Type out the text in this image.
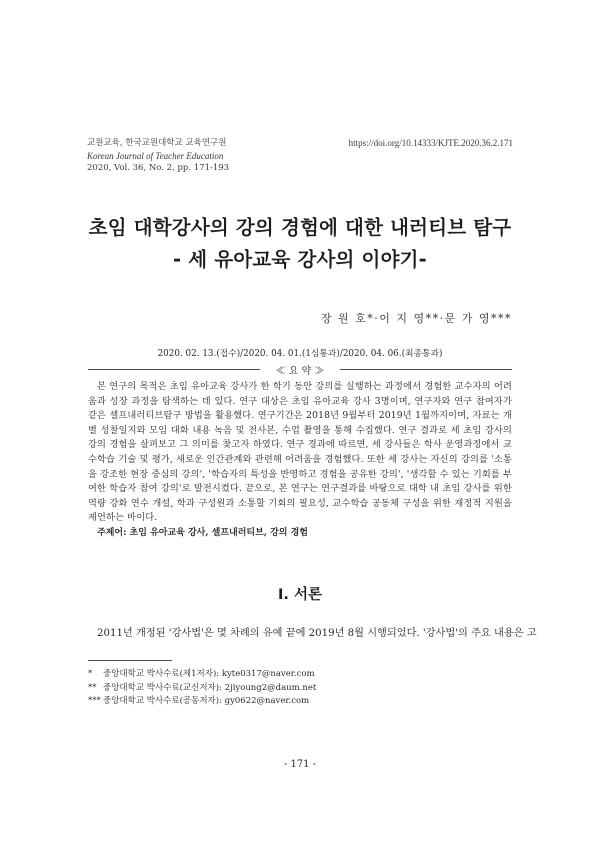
교원교육, 한국교원대학교 교육연구원
Korean Journal of Teacher Education
2020, Vol. 36, No. 2, pp. 171-193
https://doi.org/10.14333/KJTE.2020.36.2.171
초임 대학강사의 강의 경험에 대한 내러티브 탐구
- 세 유아교육 강사의 이야기-
장 원 호*·이 지 영**·문 가 영***
2020. 02. 13.(접수)/2020. 04. 01.(1심통과)/2020. 04. 06.(최종통과)
≪ 요 약 ≫
본 연구의 목적은 초임 유아교육 강사가 한 학기 동안 강의를 실행하는 과정에서 경험한 교수자의 어려움과 성장 과정을 탐색하는 데 있다. 연구 대상은 초임 유아교육 강사 3명이며, 연구자와 연구 참여자가 같은 셀프내러티브탐구 방법을 활용했다. 연구기간은 2018년 9월부터 2019년 1월까지이며, 자료는 개별 성찰일지와 모임 대화 내용 녹음 및 전사본, 수업 촬영을 통해 수집했다. 연구 결과로 세 초임 강사의 강의 경험을 살펴보고 그 의미를 찾고자 하였다. 연구 경과에 따르면, 세 강사들은 학사 운영과정에서 교수학습 기술 및 평가, 새로운 인간관계와 관련해 어려움을 경험했다. 또한 세 강사는 자신의 강의를 '소통을 강조한 현장 중심의 강의', '학습자의 특성을 반영하고 경험을 공유한 강의', '생각할 수 있는 기회를 부여한 학습자 참여 강의'로 발전시켰다. 끝으로, 본 연구는 연구결과를 바탕으로 대학 내 초임 강사를 위한 역량 강화 연수 개설, 학과 구성원과 소통할 기회의 필요성, 교수학습 공동체 구성을 위한 재정적 지원을 제언하는 바이다.
주제어: 초임 유아교육 강사, 셀프내러티브, 강의 경험
Ⅰ. 서론
2011년 개정된 '강사법'은 몇 차례의 유예 끝에 2019년 8월 시행되었다. '강사법'의 주요 내용은 고
* 중앙대학교 박사수료(제1저자): kyte0317@naver.com
** 중앙대학교 박사수료(교신저자): 2jiyoung2@daum.net
*** 중앙대학교 박사수료(공동저자): gy0622@naver.com
- 171 -
